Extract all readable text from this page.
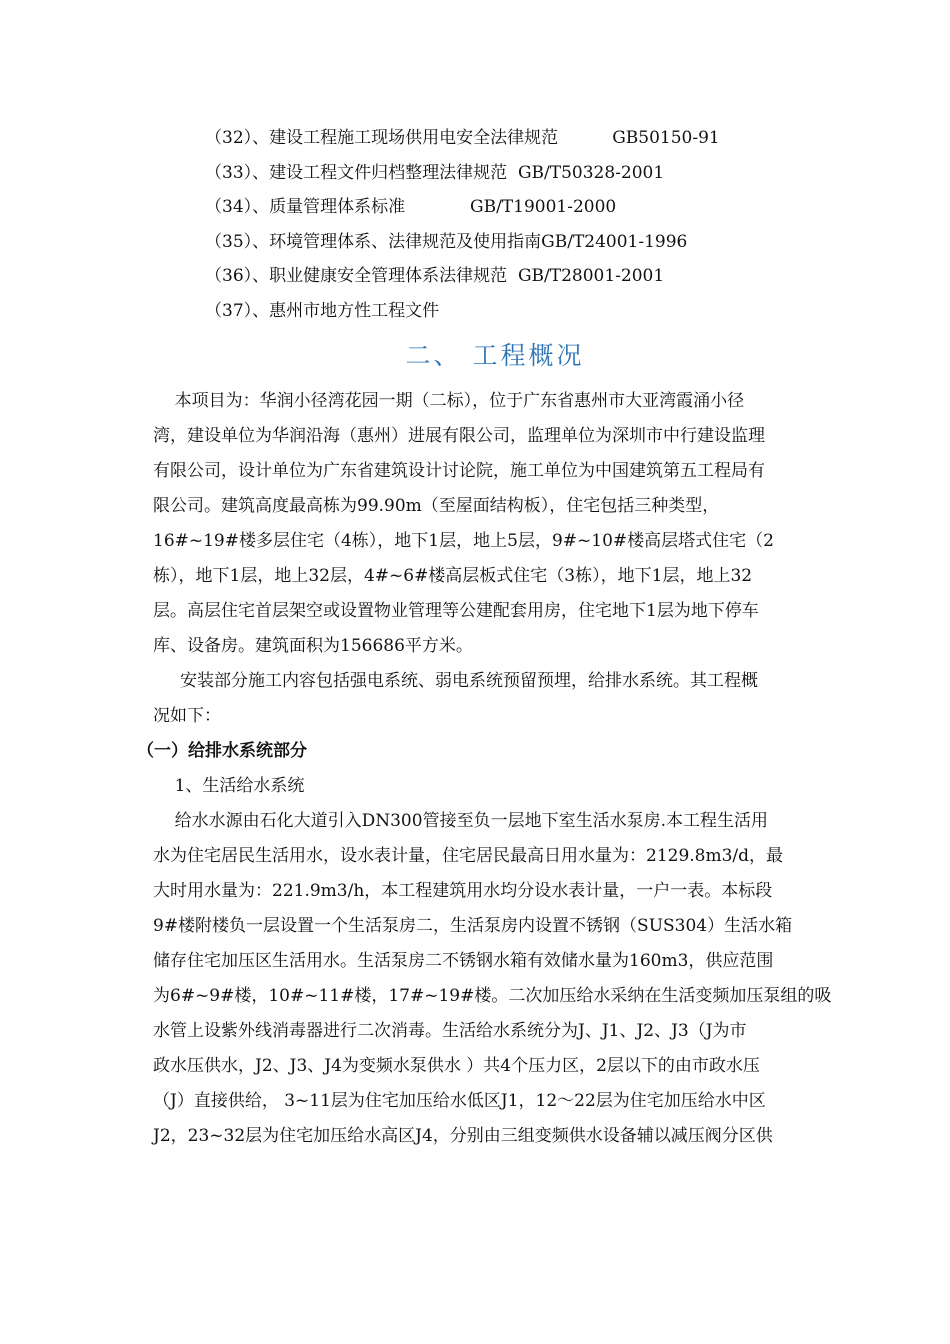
（32）、建设工程施工现场供用电安全法律规范	GB50150-91
（33）、建设工程文件归档整理法律规范 GB/T50328-2001
（34）、质量管理体系标准	GB/T19001-2000
（35）、环境管理体系、法律规范及使用指南GB/T24001-1996
（36）、职业健康安全管理体系法律规范 GB/T28001-2001
（37）、惠州市地方性工程文件
二、 工程概况
本项目为：华润小径湾花园一期（二标），位于广东省惠州市大亚湾霞涌小径
湾，建设单位为华润沿海（惠州）进展有限公司，监理单位为深圳市中行建设监理
有限公司，设计单位为广东省建筑设计讨论院，施工单位为中国建筑第五工程局有
限公司。建筑高度最高栋为99.90m（至屋面结构板），住宅包括三种类型，
16#~19#楼多层住宅（4栋），地下1层，地上5层，9#~10#楼高层塔式住宅（2
栋），地下1层，地上32层，4#~6#楼高层板式住宅（3栋），地下1层，地上32
层。高层住宅首层架空或设置物业管理等公建配套用房，住宅地下1层为地下停车
库、设备房。建筑面积为156686平方米。
安装部分施工内容包括强电系统、弱电系统预留预埋，给排水系统。其工程概
况如下：
（一）给排水系统部分
1、生活给水系统
给水水源由石化大道引入DN300管接至负一层地下室生活水泵房.本工程生活用
水为住宅居民生活用水，设水表计量，住宅居民最高日用水量为：2129.8m3/d，最
大时用水量为：221.9m3/h，本工程建筑用水均分设水表计量，一户一表。本标段
9#楼附楼负一层设置一个生活泵房二，生活泵房内设置不锈钢（SUS304）生活水箱
储存住宅加压区生活用水。生活泵房二不锈钢水箱有效储水量为160m3，供应范围
为6#~9#楼，10#~11#楼，17#~19#楼。二次加压给水采纳在生活变频加压泵组的吸
水管上设紫外线消毒器进行二次消毒。生活给水系统分为J、J1、J2、J3（J为市
政水压供水，J2、J3、J4为变频水泵供水 ）共4个压力区，2层以下的由市政水压
（J）直接供给， 3~11层为住宅加压给水低区J1，12～22层为住宅加压给水中区
J2，23~32层为住宅加压给水高区J4，分别由三组变频供水设备辅以减压阀分区供
